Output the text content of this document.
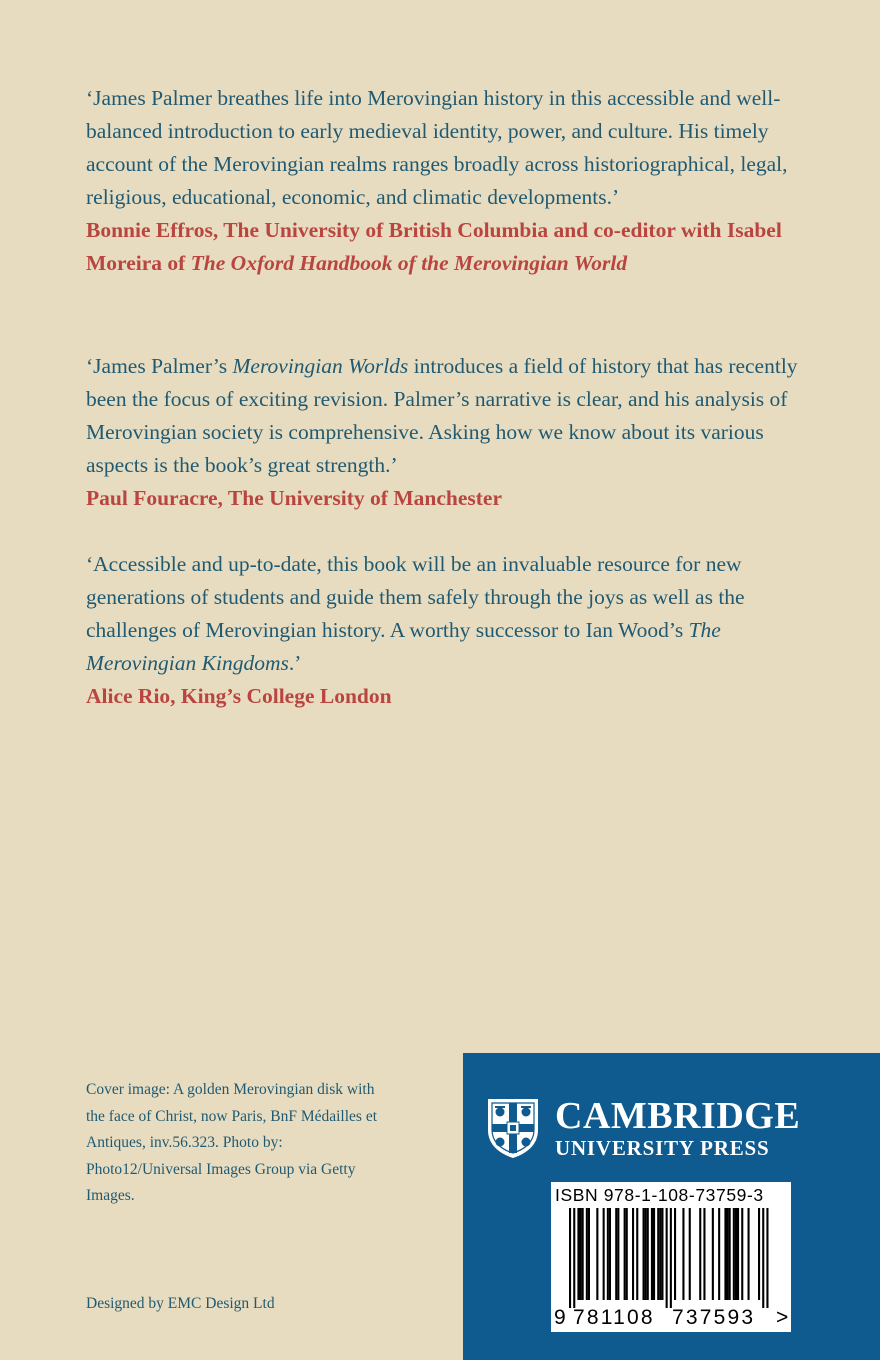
‘James Palmer breathes life into Merovingian history in this accessible and well-balanced introduction to early medieval identity, power, and culture. His timely account of the Merovingian realms ranges broadly across historiographical, legal, religious, educational, economic, and climatic developments.’

Bonnie Effros, The University of British Columbia and co-editor with Isabel Moreira of The Oxford Handbook of the Merovingian World

‘James Palmer’s Merovingian Worlds introduces a field of history that has recently been the focus of exciting revision. Palmer’s narrative is clear, and his analysis of Merovingian society is comprehensive. Asking how we know about its various aspects is the book’s great strength.’

Paul Fouracre, The University of Manchester

‘Accessible and up-to-date, this book will be an invaluable resource for new generations of students and guide them safely through the joys as well as the challenges of Merovingian history. A worthy successor to Ian Wood’s The Merovingian Kingdoms.’

Alice Rio, King’s College London

Cover image: A golden Merovingian disk with the face of Christ, now Paris, BnF Médailles et Antiques, inv.56.323. Photo by: Photo12/Universal Images Group via Getty Images.

Designed by EMC Design Ltd

CAMBRIDGE
UNIVERSITY PRESS
ISBN 978-1-108-73759-3
9 781108 737593 >
